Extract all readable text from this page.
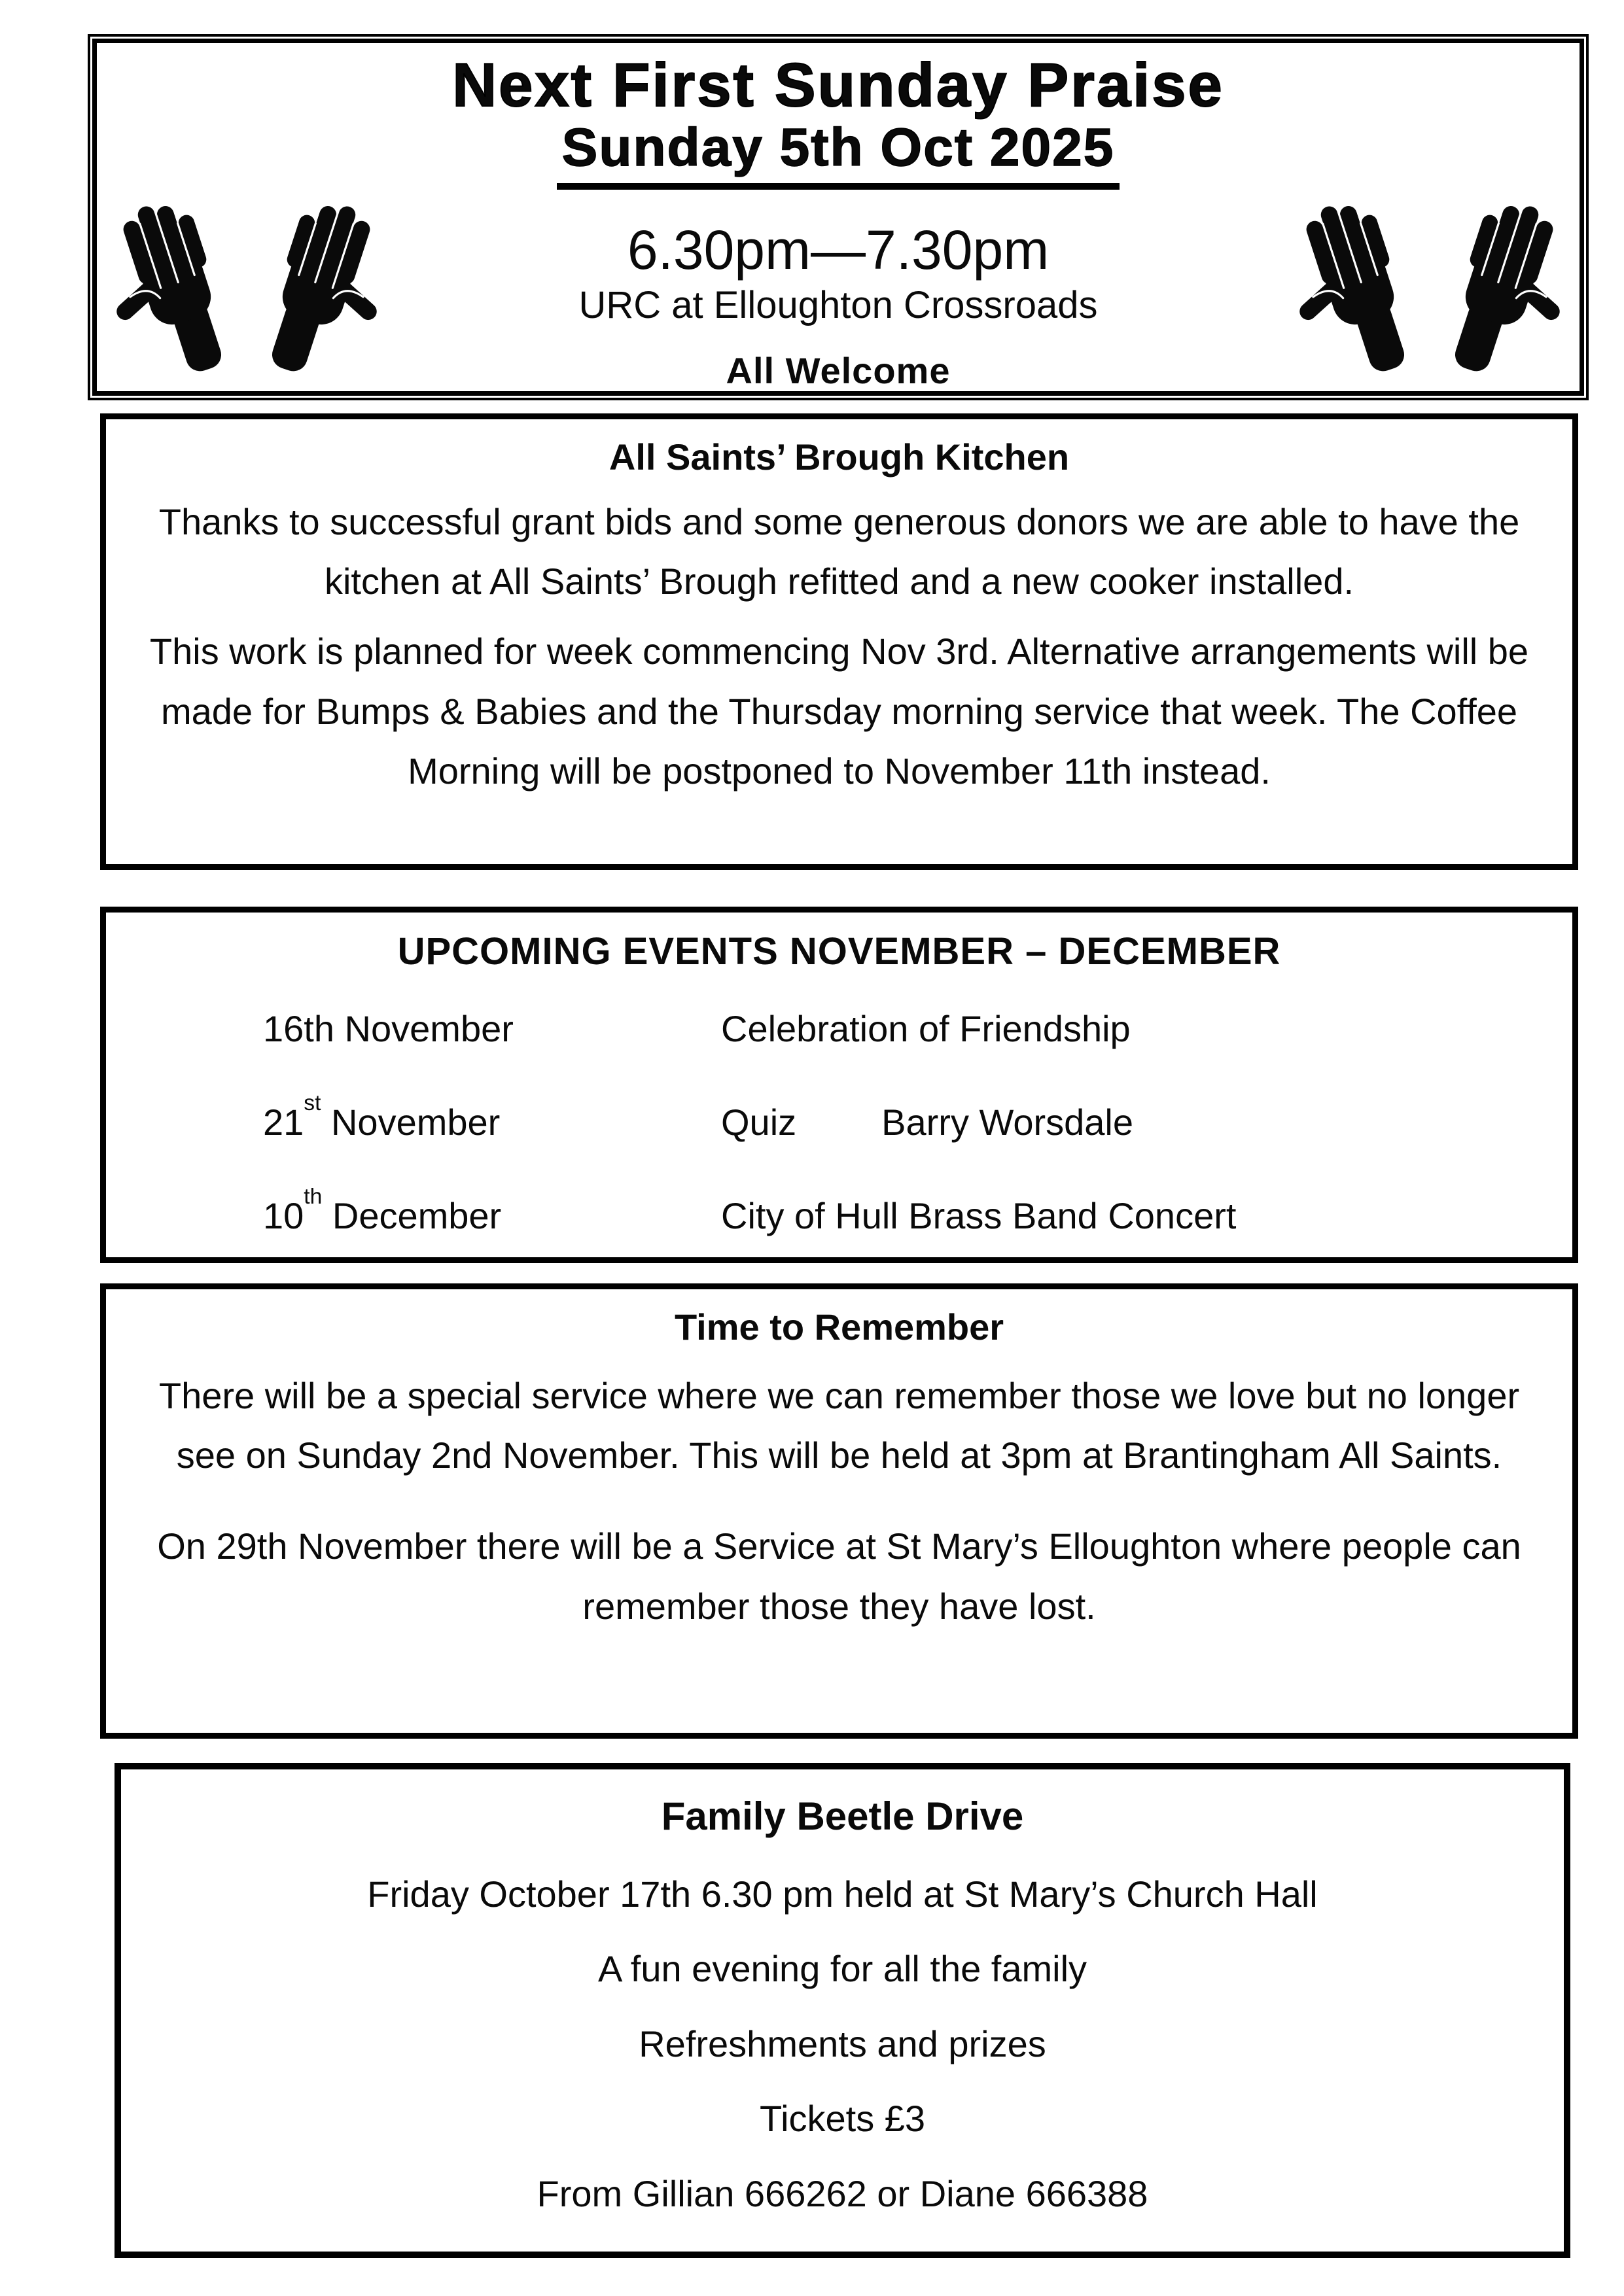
Next First Sunday Praise
Sunday 5th Oct 2025
6.30pm—7.30pm
URC at Elloughton Crossroads
All Welcome
All Saints’ Brough Kitchen
Thanks to successful grant bids and some generous donors we are able to have the kitchen at All Saints’ Brough refitted and a new cooker installed.
This work is planned for week commencing Nov 3rd. Alternative arrangements will be made for Bumps & Babies and the Thursday morning service that week. The Coffee Morning will be postponed to November 11th instead.
UPCOMING EVENTS NOVEMBER – DECEMBER
16th November	Celebration of Friendship
21st November	Quiz Barry Worsdale
10th December	City of Hull Brass Band Concert
Time to Remember
There will be a special service where we can remember those we love but no longer see on Sunday 2nd November. This will be held at 3pm at Brantingham All Saints.
On 29th November there will be a Service at St Mary’s Elloughton where people can remember those they have lost.
Family Beetle Drive
Friday October 17th 6.30 pm held at St Mary’s Church Hall
A fun evening for all the family
Refreshments and prizes
Tickets £3
From Gillian 666262 or Diane 666388
